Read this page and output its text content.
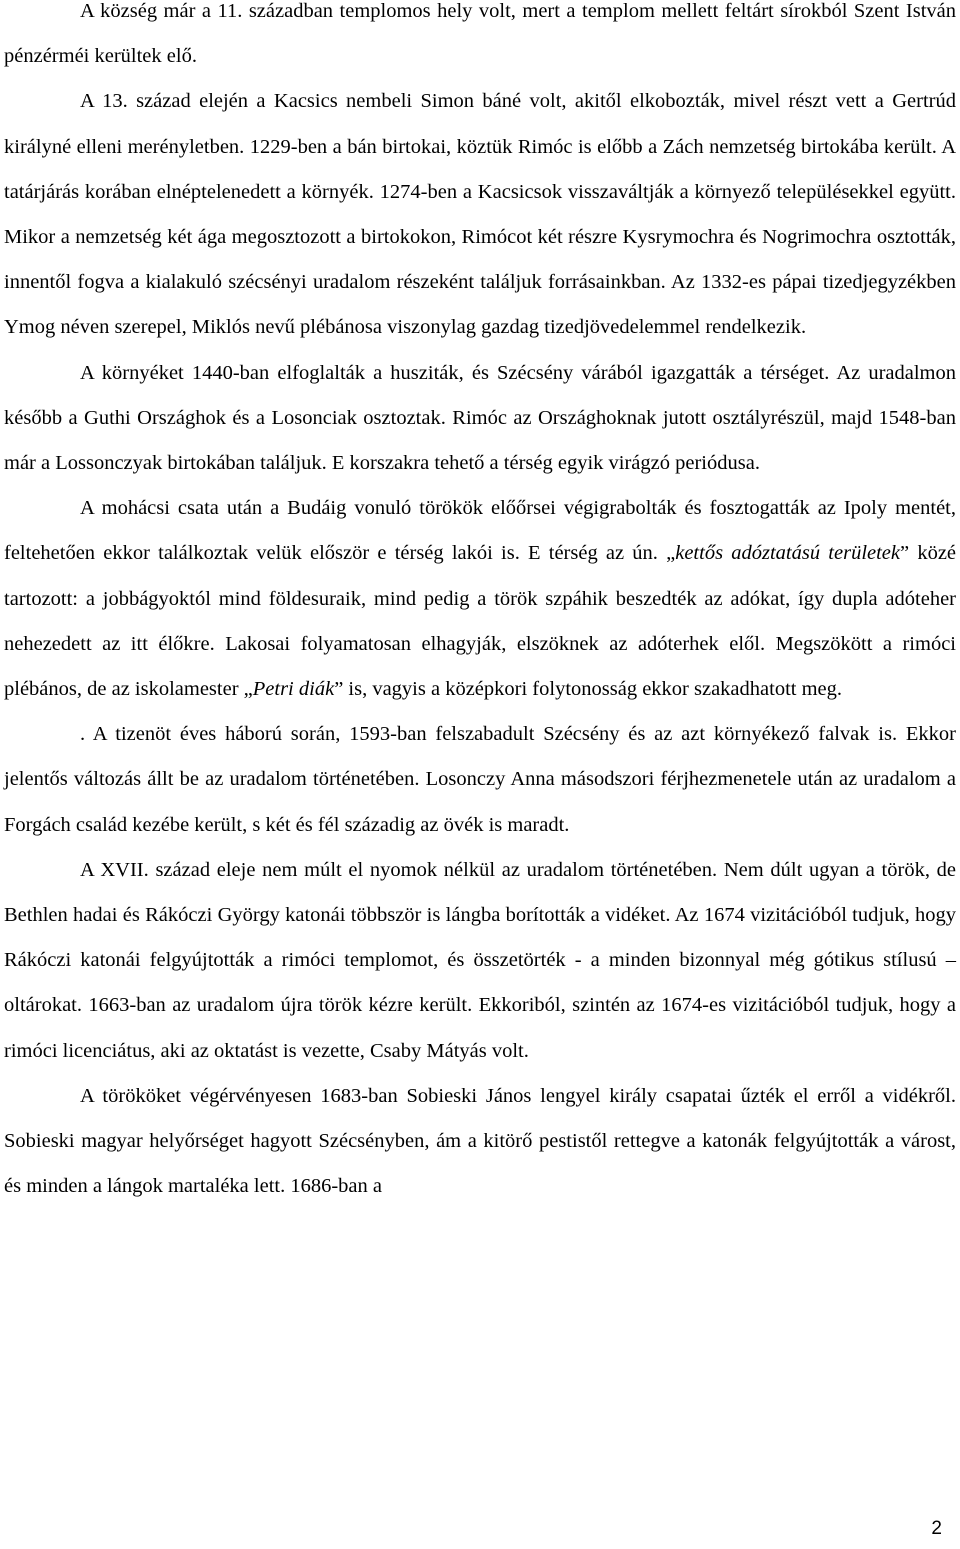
A község már a 11. században templomos hely volt, mert a templom mellett feltárt sírokból Szent István pénzérméi kerültek elő.

A 13. század elején a Kacsics nembeli Simon báné volt, akitől elkobozták, mivel részt vett a Gertrúd királyné elleni merényletben. 1229-ben a bán birtokai, köztük Rimóc is előbb a Zách nemzetség birtokába került. A tatárjárás korában elnéptelenedett a környék. 1274-ben a Kacsicsok visszaváltják a környező településekkel együtt. Mikor a nemzetség két ága megosztozott a birtokokon, Rimócot két részre Kysrymochra és Nogrimochra osztották, innentől fogva a kialakuló szécsényi uradalom részeként találjuk forrásainkban. Az 1332-es pápai tizedjegyzékben Ymog néven szerepel, Miklós nevű plébánosa viszonylag gazdag tizedjövedelemmel rendelkezik.

A környéket 1440-ban elfoglalták a husziták, és Szécsény várából igazgatták a térséget. Az uradalmon később a Guthi Országhok és a Losonciak osztoztak. Rimóc az Országhoknak jutott osztályrészül, majd 1548-ban már a Lossonczyak birtokában találjuk. E korszakra tehető a térség egyik virágzó periódusa.

A mohácsi csata után a Budáig vonuló törökök előőrsei végigrabolták és fosztogatták az Ipoly mentét, feltehetően ekkor találkoztak velük először e térség lakói is. E térség az ún. „kettős adóztatású területek” közé tartozott: a jobbágyoktól mind földesuraik, mind pedig a török szpáhik beszedték az adókat, így dupla adóteher nehezedett az itt élőkre. Lakosai folyamatosan elhagyják, elszöknek az adóterhek elől. Megszökött a rimóci plébános, de az iskolamester „Petri diák” is, vagyis a középkori folytonosság ekkor szakadhatott meg.

. A tizenöt éves háború során, 1593-ban felszabadult Szécsény és az azt környékező falvak is. Ekkor jelentős változás állt be az uradalom történetében. Losonczy Anna másodszori férjhezmenetele után az uradalom a Forgách család kezébe került, s két és fél századig az övék is maradt.

A XVII. század eleje nem múlt el nyomok nélkül az uradalom történetében. Nem dúlt ugyan a török, de Bethlen hadai és Rákóczi György katonái többször is lángba borították a vidéket. Az 1674 vizitációból tudjuk, hogy Rákóczi katonái felgyújtották a rimóci templomot, és összetörték - a minden bizonnyal még gótikus stílusú – oltárokat. 1663-ban az uradalom újra török kézre került. Ekkoriból, szintén az 1674-es vizitációból tudjuk, hogy a rimóci licenciátus, aki az oktatást is vezette, Csaby Mátyás volt.

A törököket végérvényesen 1683-ban Sobieski János lengyel király csapatai űzték el erről a vidékről. Sobieski magyar helyőrséget hagyott Szécsényben, ám a kitörő pestistől rettegve a katonák felgyújtották a várost, és minden a lángok martaléka lett. 1686-ban a

2
